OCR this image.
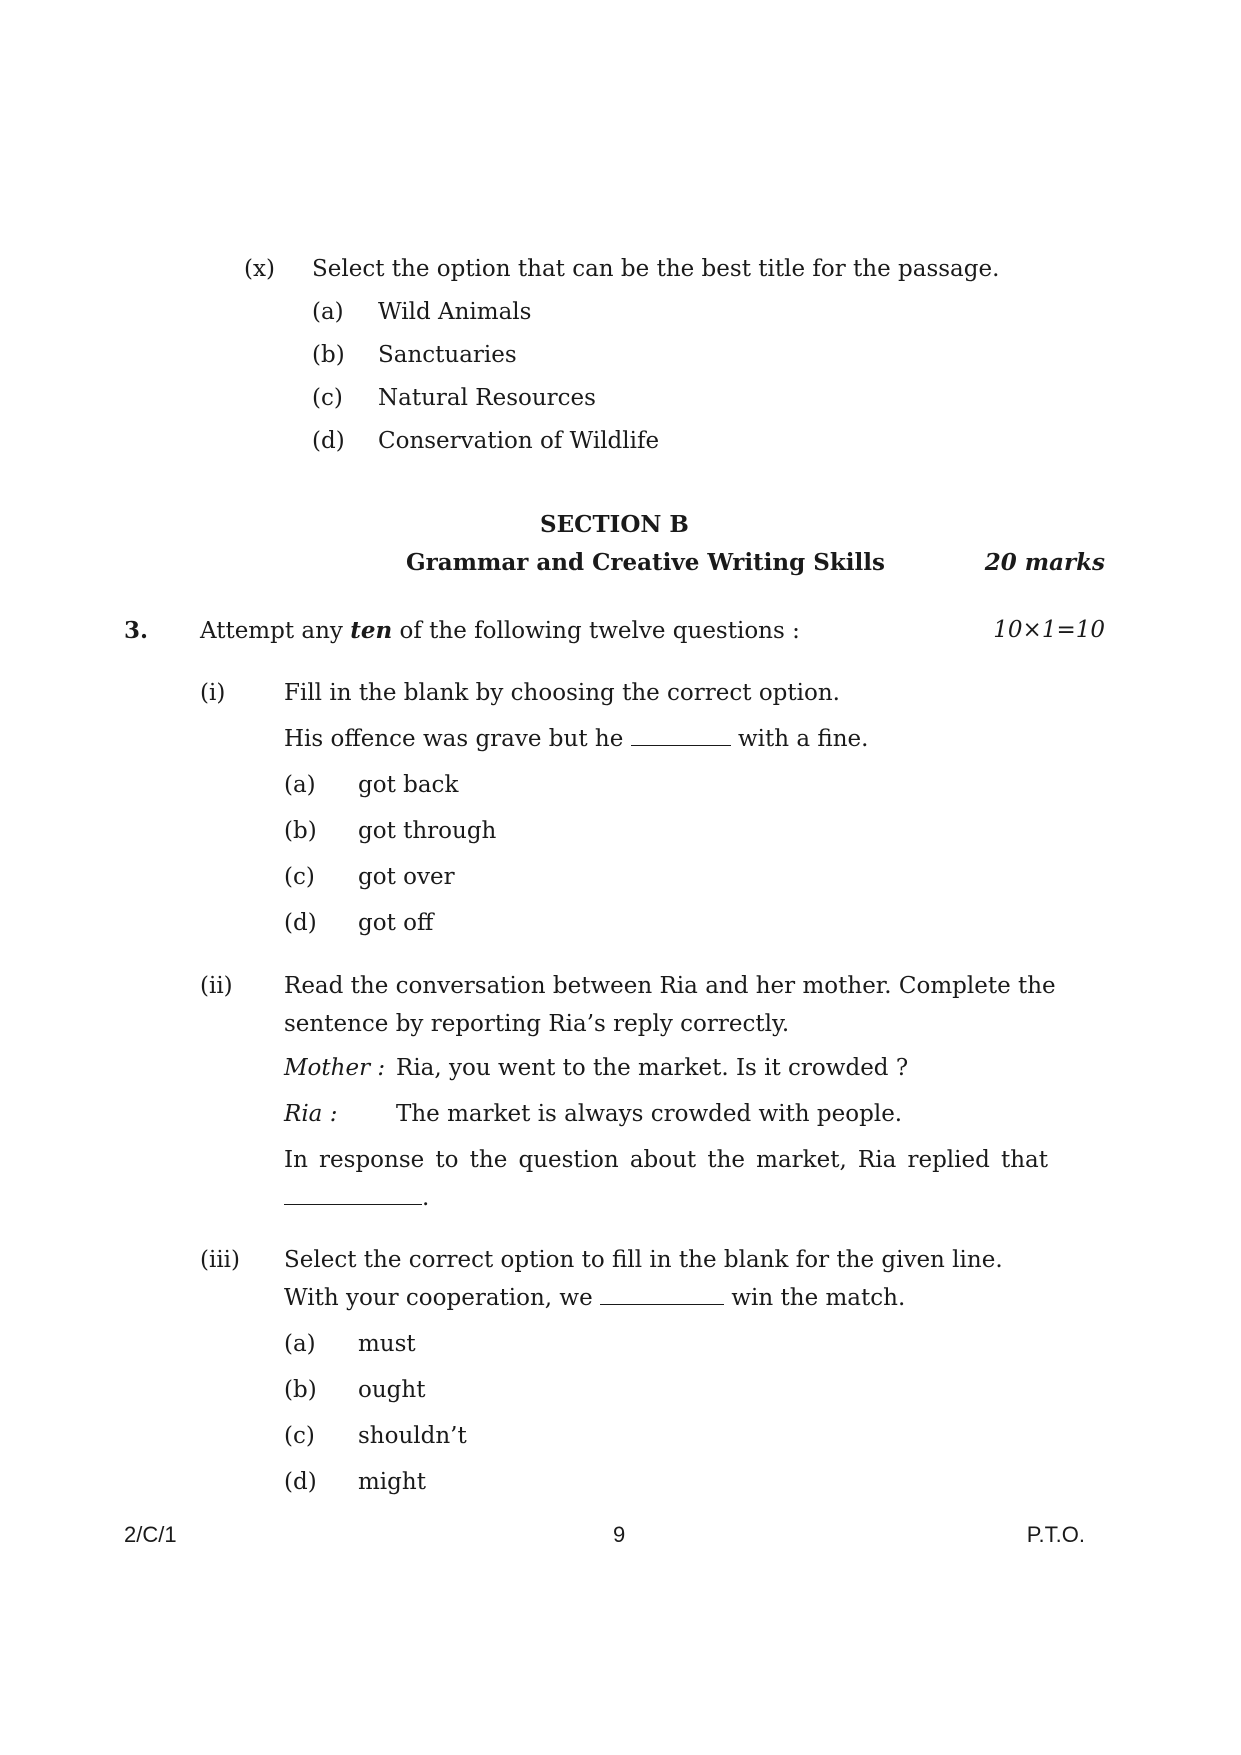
(x) Select the option that can be the best title for the passage.
(a) Wild Animals
(b) Sanctuaries
(c) Natural Resources
(d) Conservation of Wildlife
SECTION B
Grammar and Creative Writing Skills	20 marks
3. Attempt any ten of the following twelve questions :	10×1=10
(i)	Fill in the blank by choosing the correct option.
His offence was grave but he	with a fine.
(a) got back
(b) got through
(c) got over
(d) got off
(ii) Read the conversation between Ria and her mother. Complete the
sentence by reporting Ria’s reply correctly.
Mother : Ria, you went to the market. Is it crowded ?
Ria :	The market is always crowded with people.
In response to the question about the market, Ria replied that
.
(iii) Select the correct option to fill in the blank for the given line.
With your cooperation, we	win the match.
(a) must
(b) ought
(c) shouldn’t
(d) might
2/C/1	9	P.T.O.
